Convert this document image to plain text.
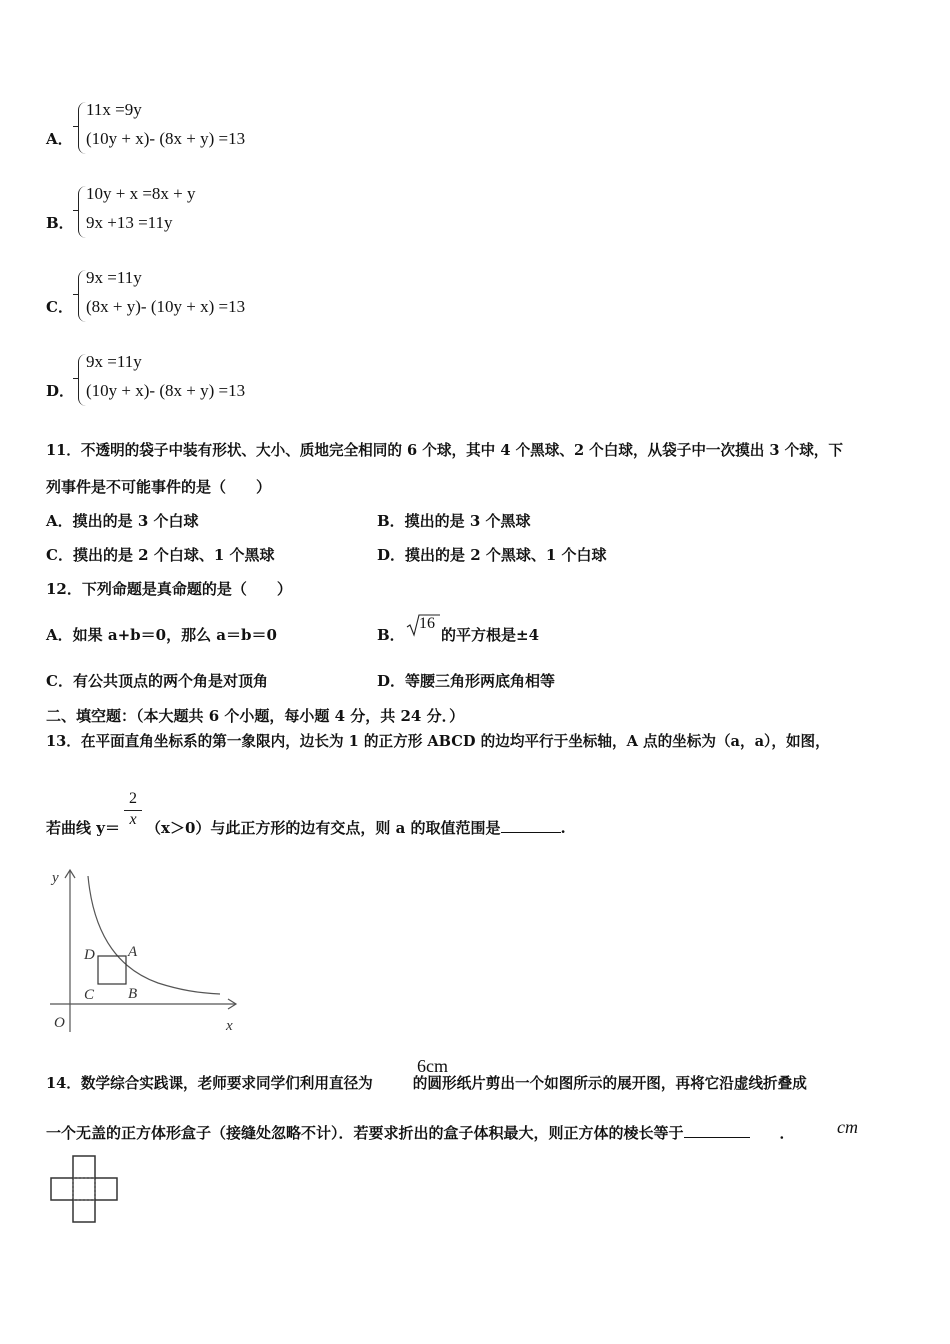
A．
11x =9y
(10y + x)- (8x + y) =13
B．
10y + x =8x + y
9x +13 =11y
C．
9x =11y
(8x + y)- (10y + x) =13
D．
9x =11y
(10y + x)- (8x + y) =13
11．不透明的袋子中装有形状、大小、质地完全相同的 6 个球，其中 4 个黑球、2 个白球，从袋子中一次摸出 3 个球，下
列事件是不可能事件的是（　　）
A．摸出的是 3 个白球	B．摸出的是 3 个黑球
C．摸出的是 2 个白球、1 个黑球	D．摸出的是 2 个黑球、1 个白球
12．下列命题是真命题的是（　　）
A．如果 a+b＝0，那么 a＝b＝0	B．
16
的平方根是±4
C．有公共顶点的两个角是对顶角	D．等腰三角形两底角相等
二、填空题：（本大题共 6 个小题，每小题 4 分，共 24 分．）
13．在平面直角坐标系的第一象限内，边长为 1 的正方形 ABCD 的边均平行于坐标轴，A 点的坐标为（a，a），如图，
若曲线 y＝
2
x （x＞0）与此正方形的边有交点，则 a 的取值范围是	.
y
x
O
A
B
C
D
14．数学综合实践课，老师要求同学们利用直径为	的圆形纸片剪出一个如图所示的展开图，再将它沿虚线折叠成
6cm
一个无盖的正方体形盒子（接缝处忽略不计）．若要求折出的盒子体积最大，则正方体的棱长等于	． cm
